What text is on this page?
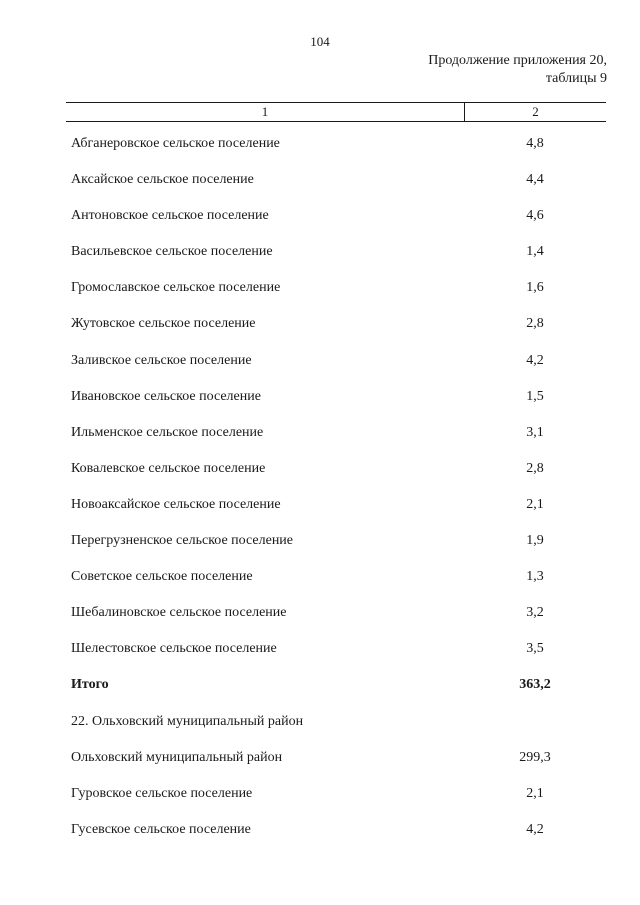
104
Продолжение приложения 20,
таблицы 9
1	2
Абганеровское сельское поселение	4,8
Аксайское сельское поселение	4,4
Антоновское сельское поселение	4,6
Васильевское сельское поселение	1,4
Громославское сельское поселение	1,6
Жутовское сельское поселение	2,8
Заливское сельское поселение	4,2
Ивановское сельское поселение	1,5
Ильменское сельское поселение	3,1
Ковалевское сельское поселение	2,8
Новоаксайское сельское поселение	2,1
Перегрузненское сельское поселение	1,9
Советское сельское поселение	1,3
Шебалиновское сельское поселение	3,2
Шелестовское сельское поселение	3,5
Итого	363,2
22. Ольховский муниципальный район
Ольховский муниципальный район	299,3
Гуровское сельское поселение	2,1
Гусевское сельское поселение	4,2
